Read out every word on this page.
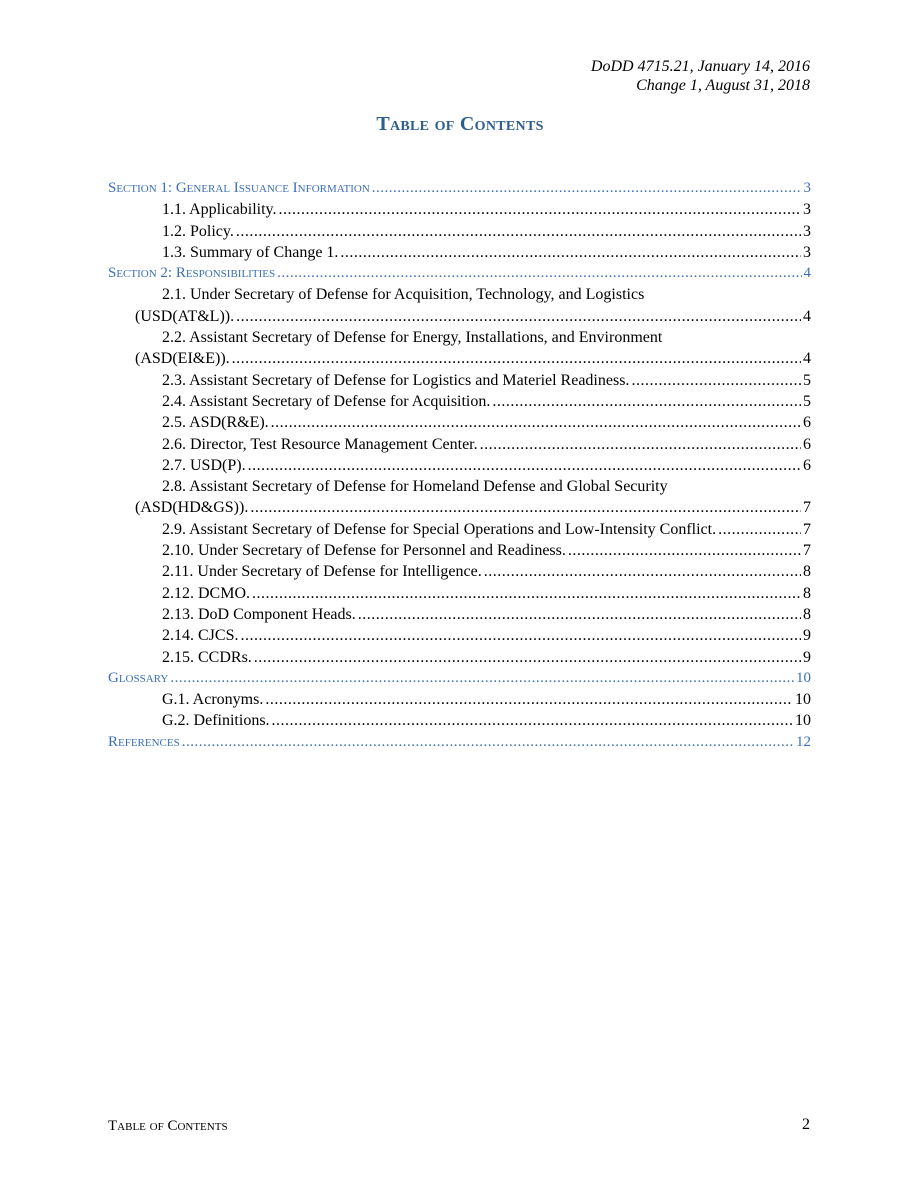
DoDD 4715.21, January 14, 2016
Change 1, August 31, 2018
Table of Contents
Section 1: General Issuance Information .....	3
1.1. Applicability. .....	3
1.2. Policy. .....	3
1.3. Summary of Change 1. .....	3
Section 2: Responsibilities .....	4
2.1. Under Secretary of Defense for Acquisition, Technology, and Logistics
(USD(AT&L)). .....	4
2.2. Assistant Secretary of Defense for Energy, Installations, and Environment
(ASD(EI&E)). .....	4
2.3. Assistant Secretary of Defense for Logistics and Materiel Readiness. .....	5
2.4. Assistant Secretary of Defense for Acquisition. .....	5
2.5. ASD(R&E). .....	6
2.6. Director, Test Resource Management Center. .....	6
2.7. USD(P). .....	6
2.8. Assistant Secretary of Defense for Homeland Defense and Global Security
(ASD(HD&GS)). .....	7
2.9. Assistant Secretary of Defense for Special Operations and Low-Intensity Conflict. .....	7
2.10. Under Secretary of Defense for Personnel and Readiness. .....	7
2.11. Under Secretary of Defense for Intelligence. .....	8
2.12. DCMO. .....	8
2.13. DoD Component Heads. .....	8
2.14. CJCS. .....	9
2.15. CCDRs. .....	9
Glossary .....	10
G.1. Acronyms. .....	10
G.2. Definitions. .....	10
References .....	12
Table of Contents	2
